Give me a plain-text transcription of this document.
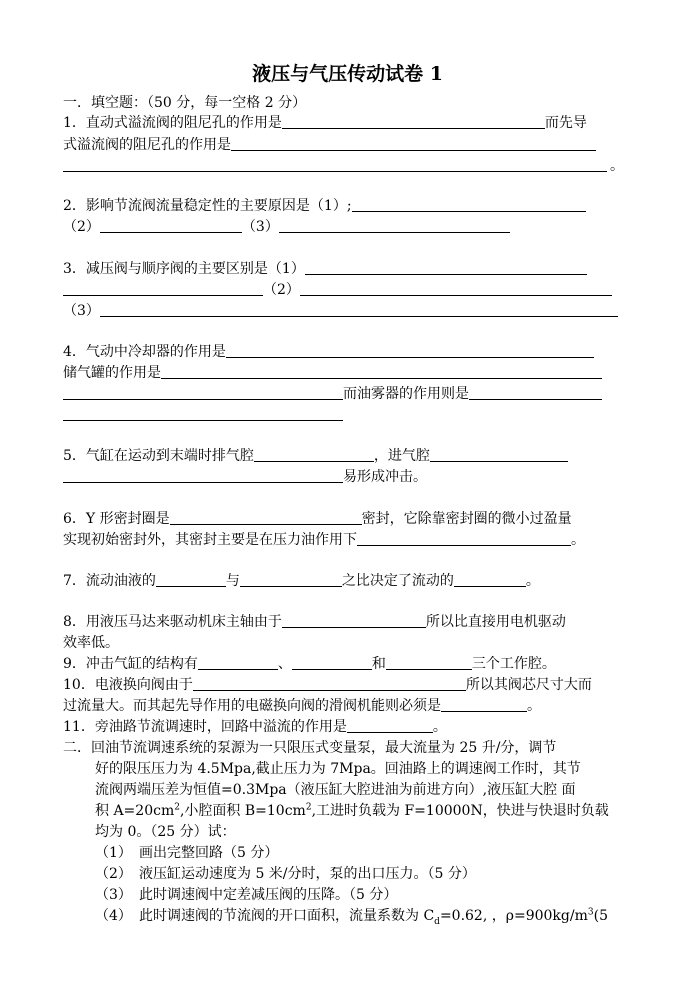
液压与气压传动试卷 1
一．填空题：（50 分，每一空格 2 分）
1．直动式溢流阀的阻尼孔的作用是	而先导
式溢流阀的阻尼孔的作用是
。
2．影响节流阀流量稳定性的主要原因是（1）;
（2）	（3）
3．减压阀与顺序阀的主要区别是（1）
（2）
（3）
4．气动中冷却器的作用是
储气罐的作用是
而油雾器的作用则是
5．气缸在运动到末端时排气腔	，进气腔
易形成冲击。
6．Y 形密封圈是	密封，它除靠密封圈的微小过盈量
实现初始密封外，其密封主要是在压力油作用下	。
7．流动油液的	与	之比决定了流动的	。
8．用液压马达来驱动机床主轴由于	所以比直接用电机驱动
效率低。
9．冲击气缸的结构有	、	和	三个工作腔。
10．电液换向阀由于	所以其阀芯尺寸大而
过流量大。而其起先导作用的电磁换向阀的滑阀机能则必须是	。
11．旁油路节流调速时，回路中溢流的作用是	。
二．回油节流调速系统的泵源为一只限压式变量泵，最大流量为 25 升/分，调节
好的限压压力为 4.5Mpa,截止压力为 7Mpa。回油路上的调速阀工作时，其节
流阀两端压差为恒值=0.3Mpa（液压缸大腔进油为前进方向）,液压缸大腔 面
积 $A=20cm^2$,小腔面积 $B=10cm^2$,工进时负载为 F=10000N，快进与快退时负载
均为 0。（25 分）试：
（1） 画出完整回路（5 分）
（2） 液压缸运动速度为 5 米/分时，泵的出口压力。（5 分）
（3） 此时调速阀中定差减压阀的压降。（5 分）
（4） 此时调速阀的节流阀的开口面积，流量系数为 $C_d=0.62$, ，$\rho=900kg/m^3(5$
